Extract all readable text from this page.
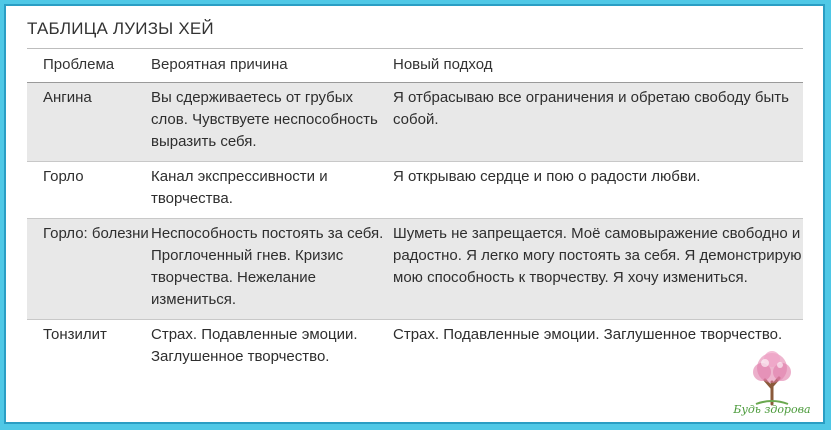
ТАБЛИЦА ЛУИЗЫ ХЕЙ
Проблема	Вероятная причина	Новый подход
Ангина	Вы сдерживаетесь от грубых слов. Чувствуете неспособность выразить себя.	Я отбрасываю все ограничения и обретаю свободу быть собой.
Горло	Канал экспрессивности и творчества.	Я открываю сердце и пою о радости любви.
Горло: болезни	Неспособность постоять за себя. Проглоченный гнев. Кризис творчества. Нежелание измениться.	Шуметь не запрещается. Моё самовыражение свободно и радостно. Я легко могу постоять за себя. Я демонстрирую мою способность к творчеству. Я хочу измениться.
Тонзилит	Страх. Подавленные эмоции. Заглушенное творчество.	Страх. Подавленные эмоции. Заглушенное творчество.
Будь здорова
